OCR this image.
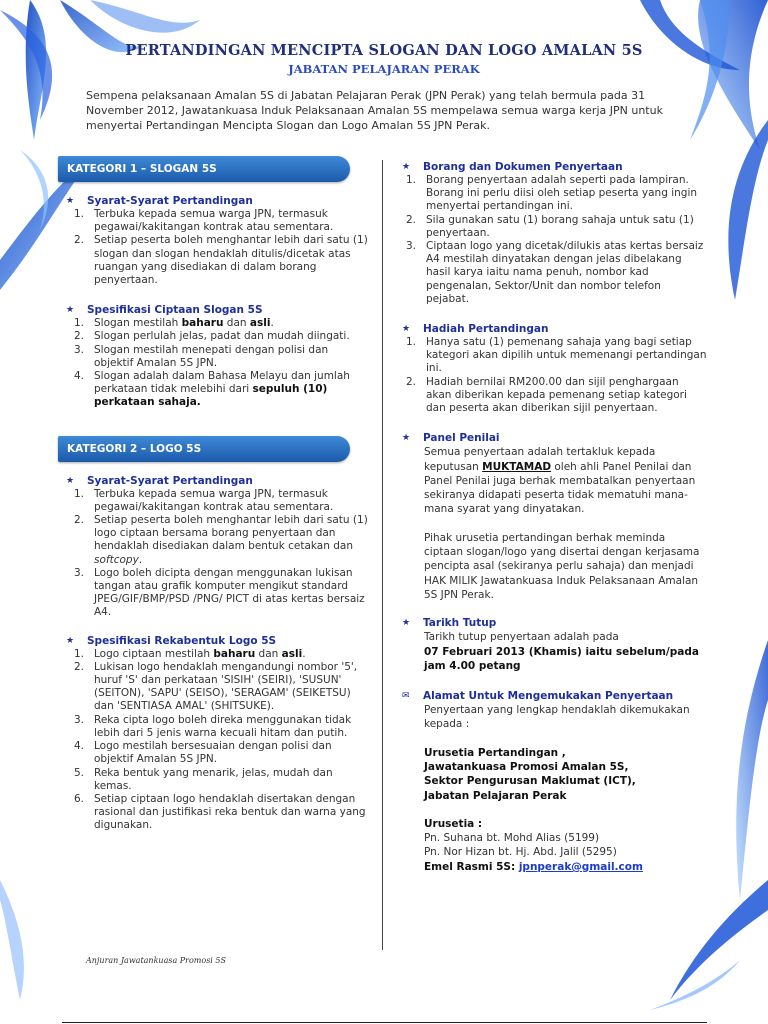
PERTANDINGAN MENCIPTA SLOGAN DAN LOGO AMALAN 5S
JABATAN PELAJARAN PERAK
Sempena pelaksanaan Amalan 5S di Jabatan Pelajaran Perak (JPN Perak) yang telah bermula pada 31 November 2012, Jawatankuasa Induk Pelaksanaan Amalan 5S mempelawa semua warga kerja JPN untuk menyertai Pertandingan Mencipta Slogan dan Logo Amalan 5S JPN Perak.
KATEGORI 1 – SLOGAN 5S
★	Syarat-Syarat Pertandingan
1. Terbuka kepada semua warga JPN, termasuk pegawai/kakitangan kontrak atau sementara.
2. Setiap peserta boleh menghantar lebih dari satu (1) slogan dan slogan hendaklah ditulis/dicetak atas ruangan yang disediakan di dalam borang penyertaan.
★	Spesifikasi Ciptaan Slogan 5S
1. Slogan mestilah baharu dan asli.
2. Slogan perlulah jelas, padat dan mudah diingati.
3. Slogan mestilah menepati dengan polisi dan objektif Amalan 5S JPN.
4. Slogan adalah dalam Bahasa Melayu dan jumlah perkataan tidak melebihi dari sepuluh (10) perkataan sahaja.
KATEGORI 2 – LOGO 5S
★	Syarat-Syarat Pertandingan
1. Terbuka kepada semua warga JPN, termasuk pegawai/kakitangan kontrak atau sementara.
2. Setiap peserta boleh menghantar lebih dari satu (1) logo ciptaan bersama borang penyertaan dan hendaklah disediakan dalam bentuk cetakan dan softcopy.
3. Logo boleh dicipta dengan menggunakan lukisan tangan atau grafik komputer mengikut standard JPEG/GIF/BMP/PSD /PNG/ PICT di atas kertas bersaiz A4.
★	Spesifikasi Rekabentuk Logo 5S
1. Logo ciptaan mestilah baharu dan asli.
2. Lukisan logo hendaklah mengandungi nombor '5', huruf 'S' dan perkataan 'SISIH' (SEIRI), 'SUSUN' (SEITON), 'SAPU' (SEISO), 'SERAGAM' (SEIKETSU) dan 'SENTIASA AMAL' (SHITSUKE).
3. Reka cipta logo boleh direka menggunakan tidak lebih dari 5 jenis warna kecuali hitam dan putih.
4. Logo mestilah bersesuaian dengan polisi dan objektif Amalan 5S JPN.
5. Reka bentuk yang menarik, jelas, mudah dan kemas.
6. Setiap ciptaan logo hendaklah disertakan dengan rasional dan justifikasi reka bentuk dan warna yang digunakan.
★	Borang dan Dokumen Penyertaan
1. Borang penyertaan adalah seperti pada lampiran. Borang ini perlu diisi oleh setiap peserta yang ingin menyertai pertandingan ini.
2. Sila gunakan satu (1) borang sahaja untuk satu (1) penyertaan.
3. Ciptaan logo yang dicetak/dilukis atas kertas bersaiz A4 mestilah dinyatakan dengan jelas dibelakang hasil karya iaitu nama penuh, nombor kad pengenalan, Sektor/Unit dan nombor telefon pejabat.
★	Hadiah Pertandingan
1. Hanya satu (1) pemenang sahaja yang bagi setiap kategori akan dipilih untuk memenangi pertandingan ini.
2. Hadiah bernilai RM200.00 dan sijil penghargaan akan diberikan kepada pemenang setiap kategori dan peserta akan diberikan sijil penyertaan.
★	Panel Penilai
Semua penyertaan adalah tertakluk kepada keputusan MUKTAMAD oleh ahli Panel Penilai dan Panel Penilai juga berhak membatalkan penyertaan sekiranya didapati peserta tidak mematuhi mana-mana syarat yang dinyatakan.
Pihak urusetia pertandingan berhak meminda ciptaan slogan/logo yang disertai dengan kerjasama pencipta asal (sekiranya perlu sahaja) dan menjadi HAK MILIK Jawatankuasa Induk Pelaksanaan Amalan 5S JPN Perak.
★	Tarikh Tutup
Tarikh tutup penyertaan adalah pada
07 Februari 2013 (Khamis) iaitu sebelum/pada jam 4.00 petang
✉	Alamat Untuk Mengemukakan Penyertaan
Penyertaan yang lengkap hendaklah dikemukakan kepada :
Urusetia Pertandingan ,
Jawatankuasa Promosi Amalan 5S,
Sektor Pengurusan Maklumat (ICT),
Jabatan Pelajaran Perak
Urusetia :
Pn. Suhana bt. Mohd Alias (5199)
Pn. Nor Hizan bt. Hj. Abd. Jalil (5295)
Emel Rasmi 5S: jpnperak@gmail.com
Anjuran Jawatankuasa Promosi 5S
